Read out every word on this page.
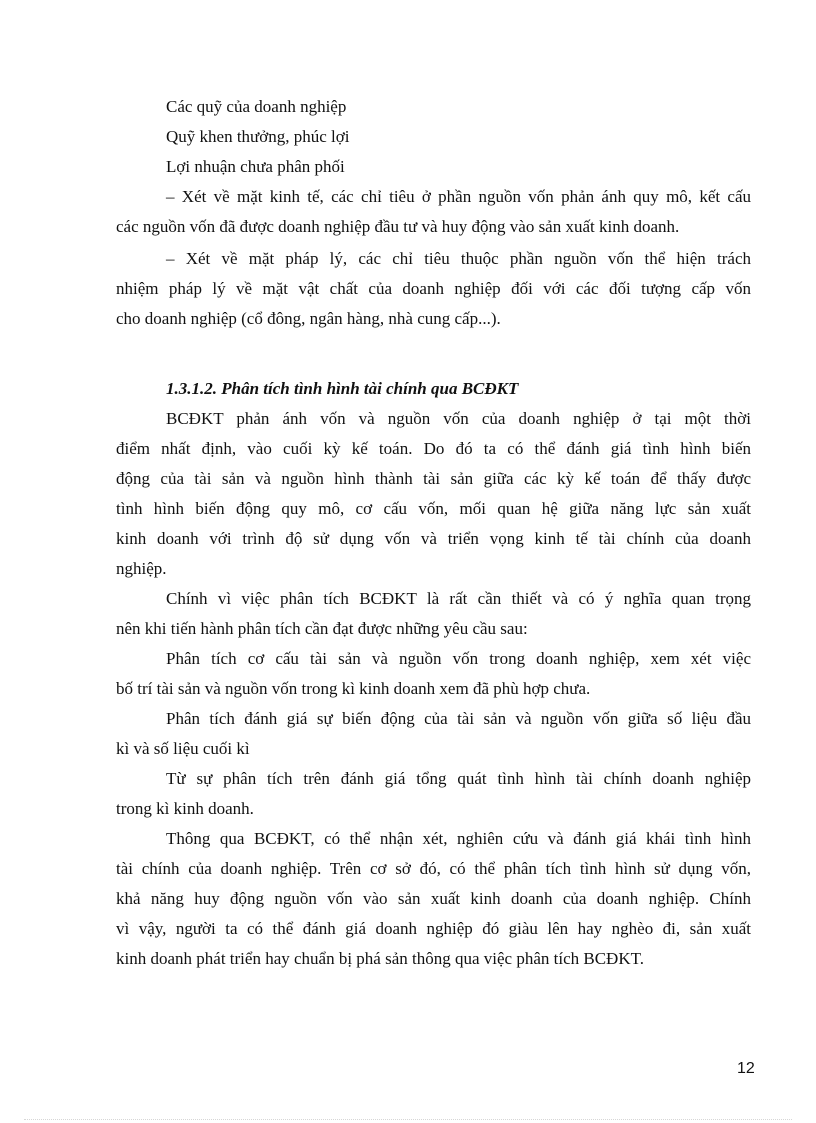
Các quỹ của doanh nghiệp
Quỹ khen thưởng, phúc lợi
Lợi nhuận chưa phân phối
– Xét về mặt kinh tế, các chỉ tiêu ở phần nguồn vốn phản ánh quy mô, kết cấu
các nguồn vốn đã được doanh nghiệp đầu tư và huy động vào sản xuất kinh doanh.
– Xét về mặt pháp lý, các chỉ tiêu thuộc phần nguồn vốn thể hiện trách
nhiệm pháp lý về mặt vật chất của doanh nghiệp đối với các đối tượng cấp vốn
cho doanh nghiệp (cổ đông, ngân hàng, nhà cung cấp...).
1.3.1.2. Phân tích tình hình tài chính qua BCĐKT
BCĐKT phản ánh vốn và nguồn vốn của doanh nghiệp ở tại một thời
điểm nhất định, vào cuối kỳ kế toán. Do đó ta có thể đánh giá tình hình biến
động của tài sản và nguồn hình thành tài sản giữa các kỳ kế toán để thấy được
tình hình biến động quy mô, cơ cấu vốn, mối quan hệ giữa năng lực sản xuất
kinh doanh với trình độ sử dụng vốn và triển vọng kinh tế tài chính của doanh
nghiệp.
Chính vì việc phân tích BCĐKT là rất cần thiết và có ý nghĩa quan trọng
nên khi tiến hành phân tích cần đạt được những yêu cầu sau:
Phân tích cơ cấu tài sản và nguồn vốn trong doanh nghiệp, xem xét việc
bố trí tài sản và nguồn vốn trong kì kinh doanh xem đã phù hợp chưa.
Phân tích đánh giá sự biến động của tài sản và nguồn vốn giữa số liệu đầu
kì và số liệu cuối kì
Từ sự phân tích trên đánh giá tổng quát tình hình tài chính doanh nghiệp
trong kì kinh doanh.
Thông qua BCĐKT, có thể nhận xét, nghiên cứu và đánh giá khái tình hình
tài chính của doanh nghiệp. Trên cơ sở đó, có thể phân tích tình hình sử dụng vốn,
khả năng huy động nguồn vốn vào sản xuất kinh doanh của doanh nghiệp. Chính
vì vậy, người ta có thể đánh giá doanh nghiệp đó giàu lên hay nghèo đi, sản xuất
kinh doanh phát triển hay chuẩn bị phá sản thông qua việc phân tích BCĐKT.
12
